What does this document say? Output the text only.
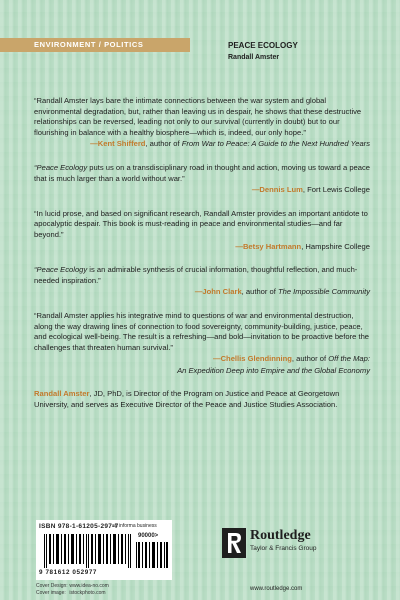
ENVIRONMENT / POLITICS	PEACE ECOLOGY
Randall Amster
“Randall Amster lays bare the intimate connections between the war system and global environmental degradation, but, rather than leaving us in despair, he shows that these destructive relationships can be reversed, leading not only to our survival (currently in doubt) but to our flourishing in balance with a healthy biosphere—which is, indeed, our only hope.”
—Kent Shifferd, author of From War to Peace: A Guide to the Next Hundred Years
“Peace Ecology puts us on a transdisciplinary road in thought and action, moving us toward a peace that is much larger than a world without war.”
—Dennis Lum, Fort Lewis College
“In lucid prose, and based on significant research, Randall Amster provides an important antidote to apocalyptic despair. This book is must-reading in peace and environmental studies—and far beyond.”
—Betsy Hartmann, Hampshire College
“Peace Ecology is an admirable synthesis of crucial information, thoughtful reflection, and much-needed inspiration.”
—John Clark, author of The Impossible Community
“Randall Amster applies his integrative mind to questions of war and environmental destruction, along the way drawing lines of connection to food sovereignty, community-building, justice, peace, and ecological well-being. The result is a refreshing—and bold—invitation to be proactive before the challenges that threaten human survival.”
—Chellis Glendinning, author of Off the Map:
An Expedition Deep into Empire and the Global Economy
Randall Amster, JD, PhD, is Director of the Program on Justice and Peace at Georgetown University, and serves as Executive Director of the Peace and Justice Studies Association.
ISBN 978-1-61205-297-7
an informa business
90000>
9 781612 052977
Cover Design: www.idea-no.com
Cover image: istockphoto.com
Routledge
Taylor & Francis Group
www.routledge.com
